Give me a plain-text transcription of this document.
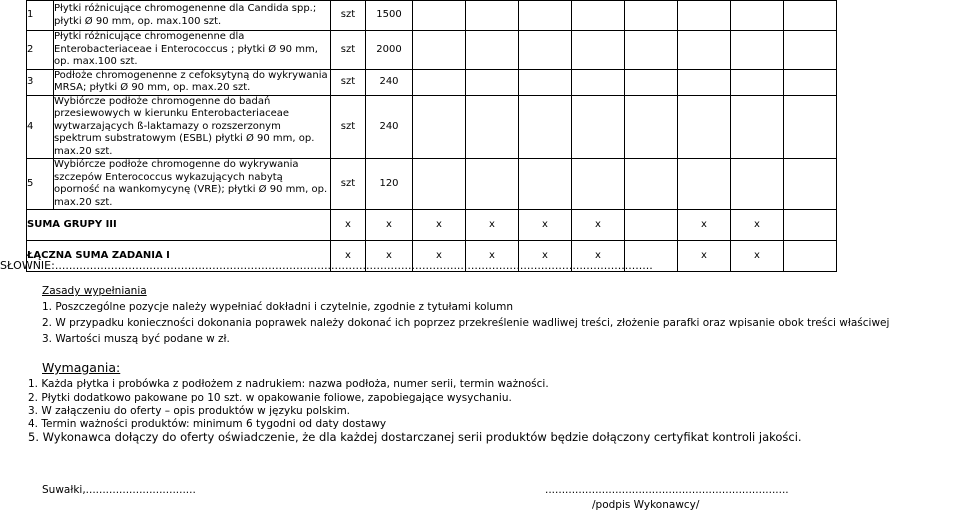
1	Płytki różnicujące chromogenenne dla Candida spp.; płytki Ø 90 mm, op. max.100 szt.	szt	1500								
2	Płytki różnicujące chromogenenne dla Enterobacteriaceae i Enterococcus ; płytki Ø 90 mm, op. max.100 szt.	szt	2000								
3	Podłoże chromogenenne z cefoksytyną do wykrywania MRSA; płytki Ø 90 mm, op. max.20 szt.	szt	240								
4	Wybiórcze podłoże chromogenne do badań przesiewowych w kierunku Enterobacteriaceae wytwarzających ß-laktamazy o rozszerzonym spektrum substratowym (ESBL) płytki Ø 90 mm, op. max.20 szt.	szt	240								
5	Wybiórcze podłoże chromogenne do wykrywania szczepów Enterococcus wykazujących nabytą oporność na wankomycynę (VRE); płytki Ø 90 mm, op. max.20 szt.	szt	120								
SUMA GRUPY III		x	x	x	x	x	x		x	x	
ŁĄCZNA SUMA ZADANIA I		x	x	x	x	x	x		x	x	
SŁOWNIE:...........................................................................................................................................................................
Zasady wypełniania
1. Poszczególne pozycje należy wypełniać dokładni i czytelnie, zgodnie z tytułami kolumn
2. W przypadku konieczności dokonania poprawek należy dokonać ich poprzez przekreślenie wadliwej treści, złożenie parafki oraz wpisanie obok treści właściwej
3. Wartości muszą być podane w zł.
Wymagania:
1. Każda płytka i probówka z podłożem z nadrukiem: nazwa podłoża, numer serii, termin ważności.
2. Płytki dodatkowo pakowane po 10 szt. w opakowanie foliowe, zapobiegające wysychaniu.
3. W załączeniu do oferty – opis produktów w języku polskim.
4. Termin ważności produktów: minimum 6 tygodni od daty dostawy
5. Wykonawca dołączy do oferty oświadczenie, że dla każdej dostarczanej serii produktów będzie dołączony certyfikat kontroli jakości.
Suwałki,.................................	.........................................................................
/podpis Wykonawcy/
